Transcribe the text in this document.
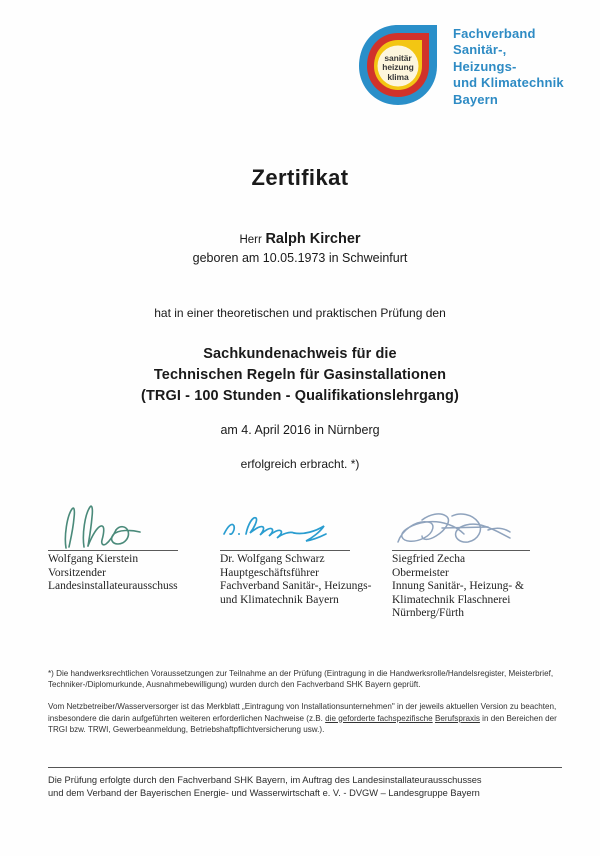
sanitär
heizung
klima
Fachverband
Sanitär-,
Heizungs-
und Klimatechnik
Bayern
Zertifikat
Herr Ralph Kircher
geboren am 10.05.1973 in Schweinfurt
hat in einer theoretischen und praktischen Prüfung den
Sachkundenachweis für die
Technischen Regeln für Gasinstallationen
(TRGI - 100 Stunden - Qualifikationslehrgang)
am 4. April 2016 in Nürnberg
erfolgreich erbracht. *)
Wolfgang Kierstein
Vorsitzender
Landesinstallateurausschuss
Dr. Wolfgang Schwarz
Hauptgeschäftsführer
Fachverband Sanitär-, Heizungs-
und Klimatechnik Bayern
Siegfried Zecha
Obermeister
Innung Sanitär-, Heizung- &
Klimatechnik Flaschnerei
Nürnberg/Fürth

*) Die handwerksrechtlichen Voraussetzungen zur Teilnahme an der Prüfung (Eintragung in die Handwerksrolle/Handelsregister, Meisterbrief, Techniker-/Diplomurkunde, Ausnahmebewilligung) wurden durch den Fachverband SHK Bayern geprüft.

Vom Netzbetreiber/Wasserversorger ist das Merkblatt „Eintragung von Installationsunternehmen" in der jeweils aktuellen Version zu beachten, insbesondere die darin aufgeführten weiteren erforderlichen Nachweise (z.B. die geforderte fachspezifische Berufspraxis in den Bereichen der TRGI bzw. TRWI, Gewerbeanmeldung, Betriebshaftpflichtversicherung usw.).

Die Prüfung erfolgte durch den Fachverband SHK Bayern, im Auftrag des Landesinstallateurausschusses
und dem Verband der Bayerischen Energie- und Wasserwirtschaft e. V. - DVGW – Landesgruppe Bayern
